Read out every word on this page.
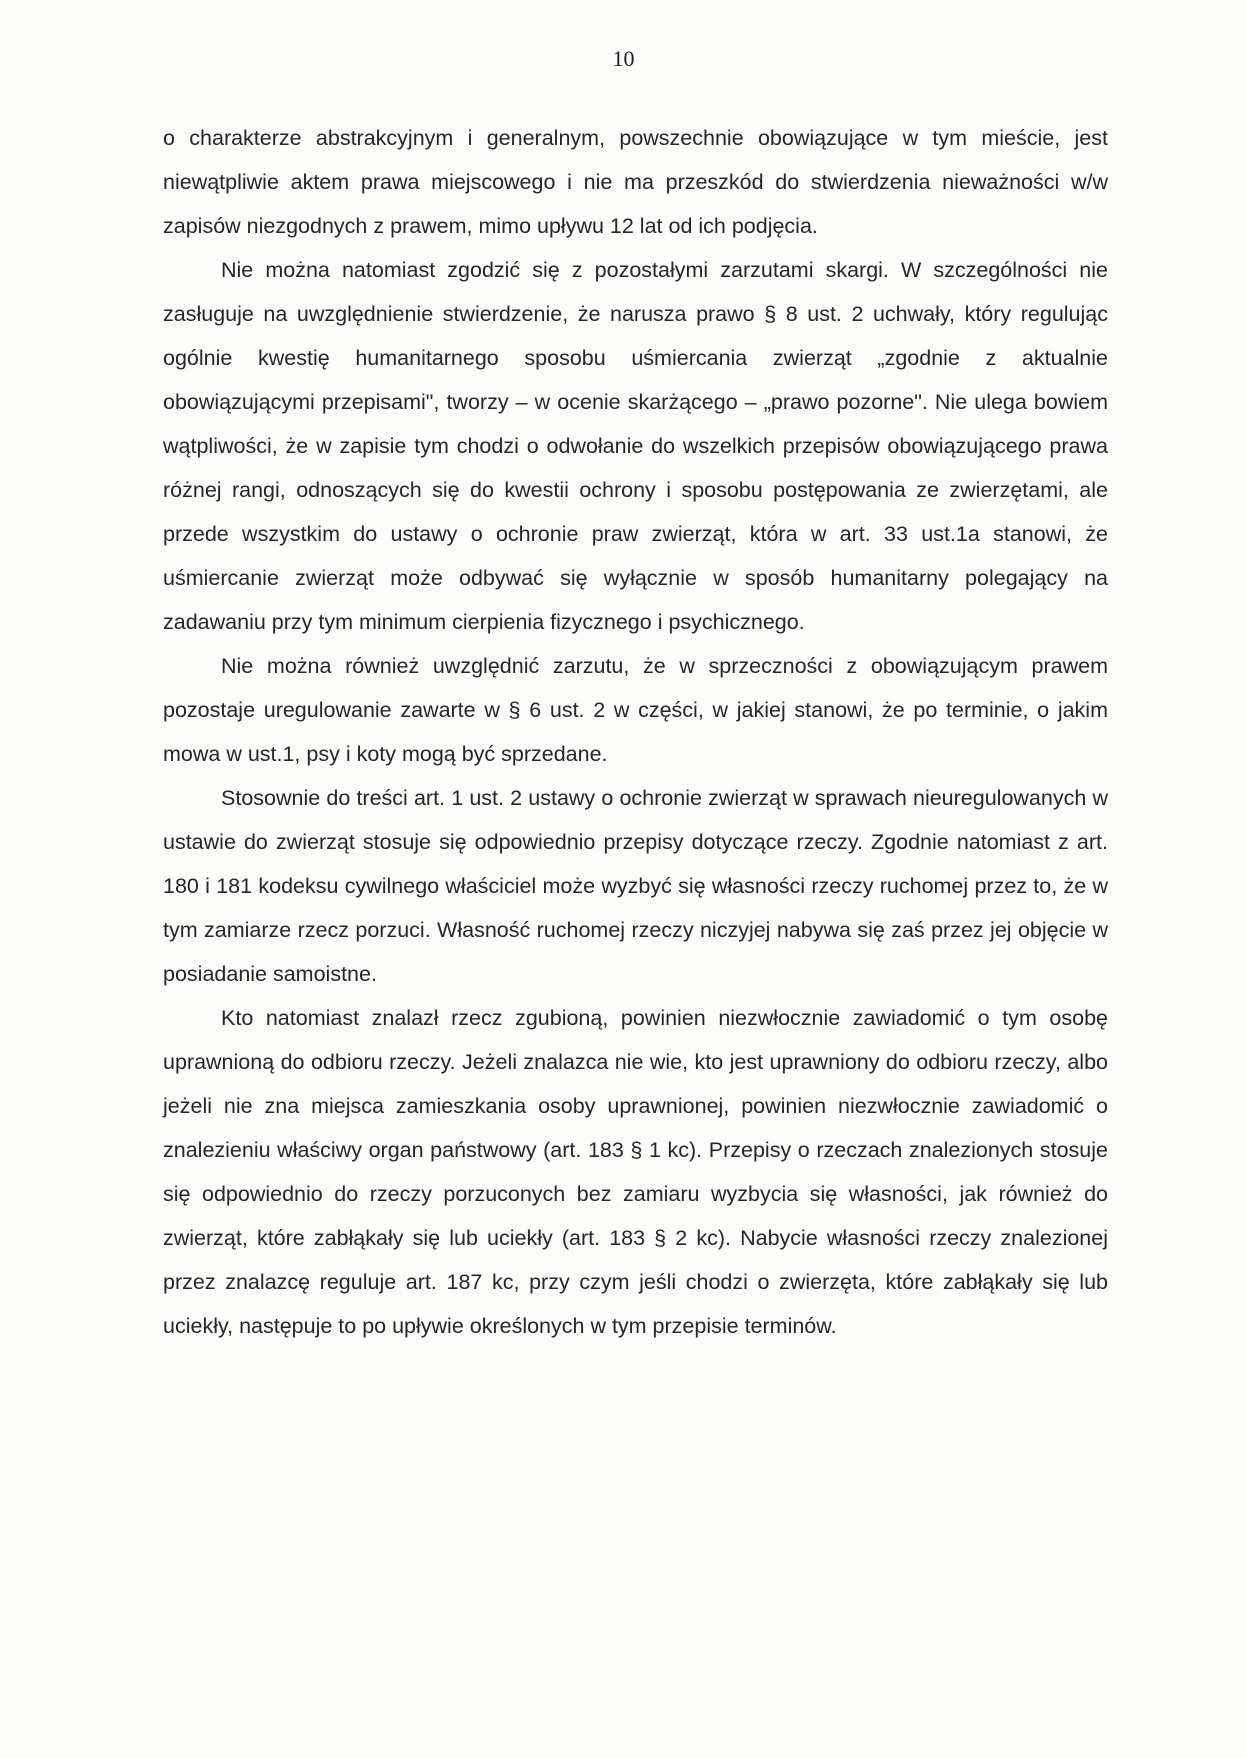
10

o charakterze abstrakcyjnym i generalnym, powszechnie obowiązujące w tym mieście, jest niewątpliwie aktem prawa miejscowego i nie ma przeszkód do stwierdzenia nieważności w/w zapisów niezgodnych z prawem, mimo upływu 12 lat od ich podjęcia.

Nie można natomiast zgodzić się z pozostałymi zarzutami skargi. W szczególności nie zasługuje na uwzględnienie stwierdzenie, że narusza prawo § 8 ust. 2 uchwały, który regulując ogólnie kwestię humanitarnego sposobu uśmiercania zwierząt „zgodnie z aktualnie obowiązującymi przepisami", tworzy – w ocenie skarżącego – „prawo pozorne". Nie ulega bowiem wątpliwości, że w zapisie tym chodzi o odwołanie do wszelkich przepisów obowiązującego prawa różnej rangi, odnoszących się do kwestii ochrony i sposobu postępowania ze zwierzętami, ale przede wszystkim do ustawy o ochronie praw zwierząt, która w art. 33 ust.1a stanowi, że uśmiercanie zwierząt może odbywać się wyłącznie w sposób humanitarny polegający na zadawaniu przy tym minimum cierpienia fizycznego i psychicznego.

Nie można również uwzględnić zarzutu, że w sprzeczności z obowiązującym prawem pozostaje uregulowanie zawarte w § 6 ust. 2 w części, w jakiej stanowi, że po terminie, o jakim mowa w ust.1, psy i koty mogą być sprzedane.

Stosownie do treści art. 1 ust. 2 ustawy o ochronie zwierząt w sprawach nieuregulowanych w ustawie do zwierząt stosuje się odpowiednio przepisy dotyczące rzeczy. Zgodnie natomiast z art. 180 i 181 kodeksu cywilnego właściciel może wyzbyć się własności rzeczy ruchomej przez to, że w tym zamiarze rzecz porzuci. Własność ruchomej rzeczy niczyjej nabywa się zaś przez jej objęcie w posiadanie samoistne.

Kto natomiast znalazł rzecz zgubioną, powinien niezwłocznie zawiadomić o tym osobę uprawnioną do odbioru rzeczy. Jeżeli znalazca nie wie, kto jest uprawniony do odbioru rzeczy, albo jeżeli nie zna miejsca zamieszkania osoby uprawnionej, powinien niezwłocznie zawiadomić o znalezieniu właściwy organ państwowy (art. 183 § 1 kc). Przepisy o rzeczach znalezionych stosuje się odpowiednio do rzeczy porzuconych bez zamiaru wyzbycia się własności, jak również do zwierząt, które zabłąkały się lub uciekły (art. 183 § 2 kc). Nabycie własności rzeczy znalezionej przez znalazcę reguluje art. 187 kc, przy czym jeśli chodzi o zwierzęta, które zabłąkały się lub uciekły, następuje to po upływie określonych w tym przepisie terminów.
